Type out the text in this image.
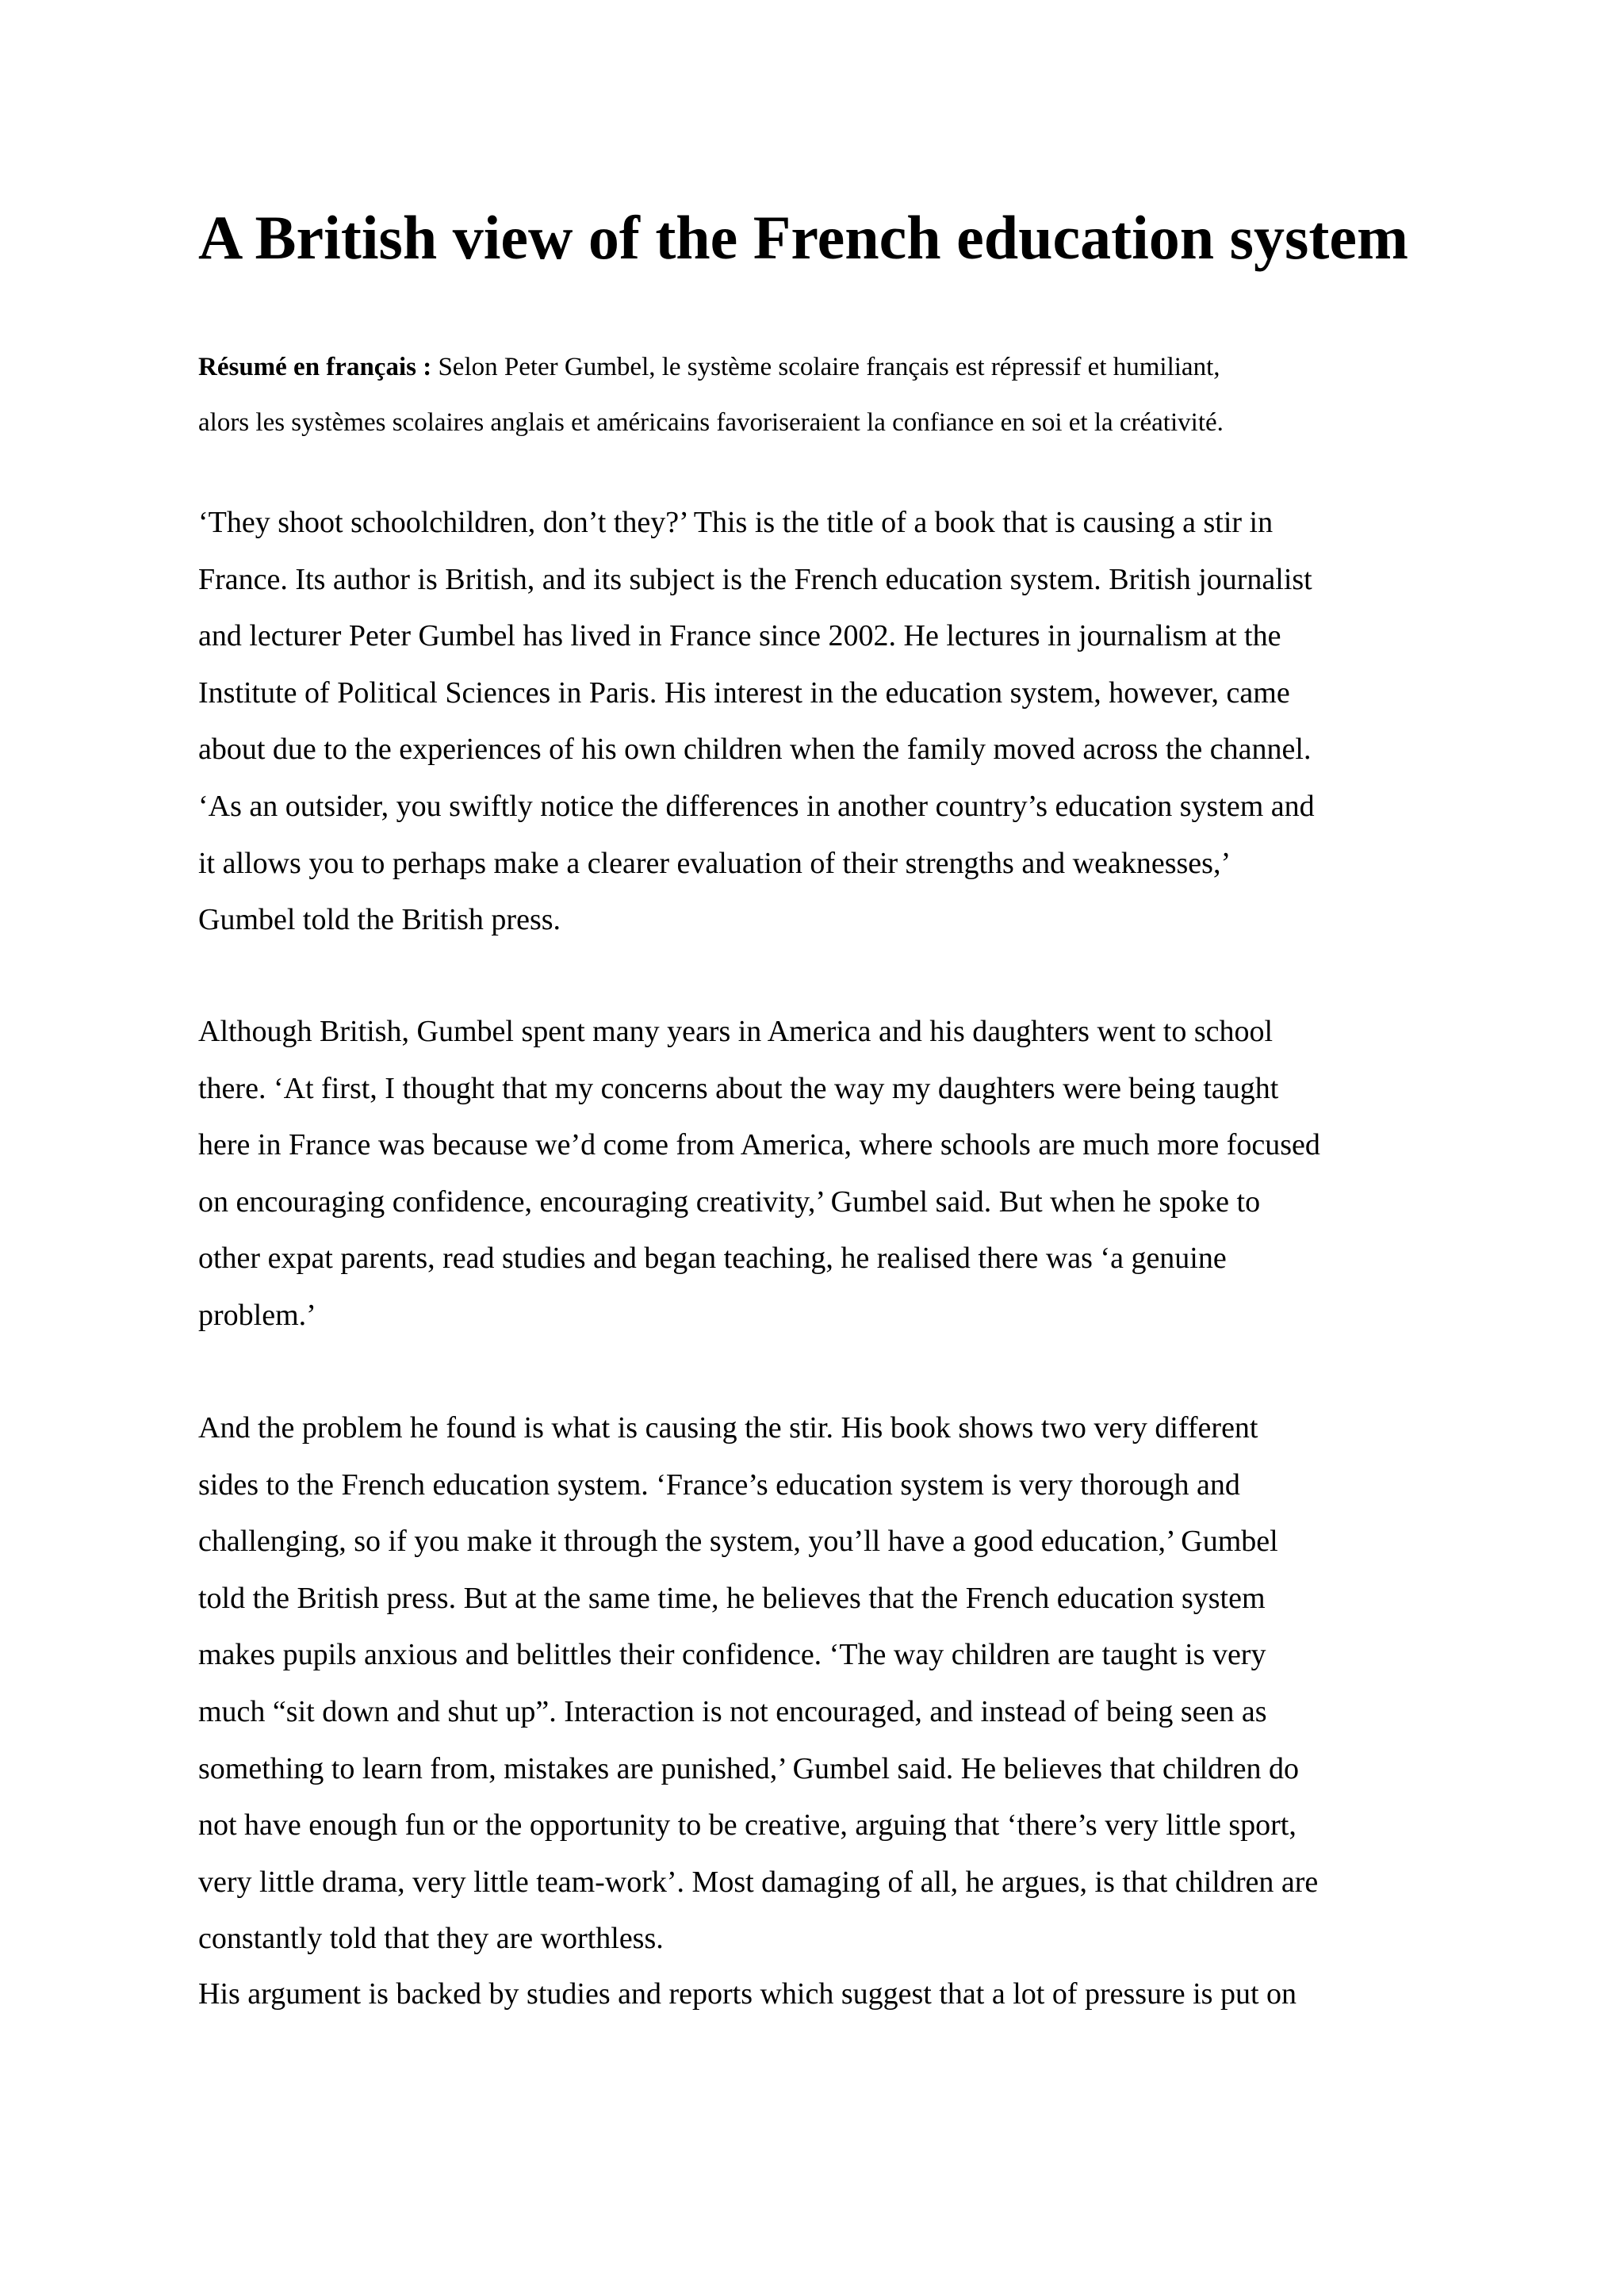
A British view of the French education system

Résumé en français : Selon Peter Gumbel, le système scolaire français est répressif et humiliant,
alors les systèmes scolaires anglais et américains favoriseraient la confiance en soi et la créativité.

‘They shoot schoolchildren, don’t they?’ This is the title of a book that is causing a stir in
France. Its author is British, and its subject is the French education system. British journalist
and lecturer Peter Gumbel has lived in France since 2002. He lectures in journalism at the
Institute of Political Sciences in Paris. His interest in the education system, however, came
about due to the experiences of his own children when the family moved across the channel.
‘As an outsider, you swiftly notice the differences in another country’s education system and
it allows you to perhaps make a clearer evaluation of their strengths and weaknesses,’
Gumbel told the British press.

Although British, Gumbel spent many years in America and his daughters went to school
there. ‘At first, I thought that my concerns about the way my daughters were being taught
here in France was because we’d come from America, where schools are much more focused
on encouraging confidence, encouraging creativity,’ Gumbel said. But when he spoke to
other expat parents, read studies and began teaching, he realised there was ‘a genuine
problem.’

And the problem he found is what is causing the stir. His book shows two very different
sides to the French education system. ‘France’s education system is very thorough and
challenging, so if you make it through the system, you’ll have a good education,’ Gumbel
told the British press. But at the same time, he believes that the French education system
makes pupils anxious and belittles their confidence. ‘The way children are taught is very
much “sit down and shut up”. Interaction is not encouraged, and instead of being seen as
something to learn from, mistakes are punished,’ Gumbel said. He believes that children do
not have enough fun or the opportunity to be creative, arguing that ‘there’s very little sport,
very little drama, very little team-work’. Most damaging of all, he argues, is that children are
constantly told that they are worthless.

His argument is backed by studies and reports which suggest that a lot of pressure is put on
